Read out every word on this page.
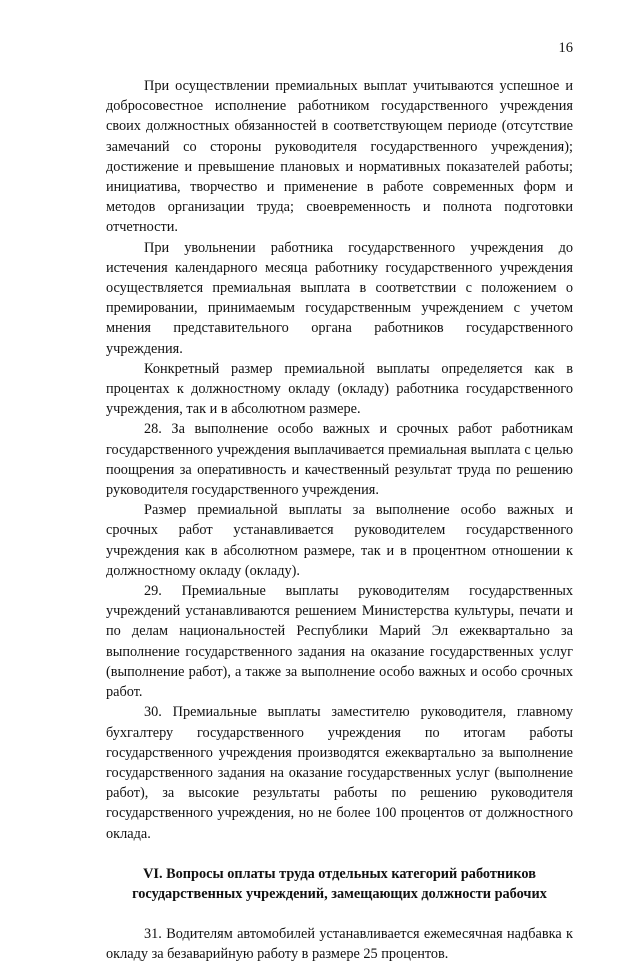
16

При осуществлении премиальных выплат учитываются успешное и добросовестное исполнение работником государственного учреждения своих должностных обязанностей в соответствующем периоде (отсутствие замечаний со стороны руководителя государственного учреждения); достижение и превышение плановых и нормативных показателей работы; инициатива, творчество и применение в работе современных форм и методов организации труда; своевременность и полнота подготовки отчетности.

При увольнении работника государственного учреждения до истечения календарного месяца работнику государственного учреждения осуществляется премиальная выплата в соответствии с положением о премировании, принимаемым государственным учреждением с учетом мнения представительного органа работников государственного учреждения.

Конкретный размер премиальной выплаты определяется как в процентах к должностному окладу (окладу) работника государственного учреждения, так и в абсолютном размере.

28. За выполнение особо важных и срочных работ работникам государственного учреждения выплачивается премиальная выплата с целью поощрения за оперативность и качественный результат труда по решению руководителя государственного учреждения.

Размер премиальной выплаты за выполнение особо важных и срочных работ устанавливается руководителем государственного учреждения как в абсолютном размере, так и в процентном отношении к должностному окладу (окладу).

29. Премиальные выплаты руководителям государственных учреждений устанавливаются решением Министерства культуры, печати и по делам национальностей Республики Марий Эл ежеквартально за выполнение государственного задания на оказание государственных услуг (выполнение работ), а также за выполнение особо важных и особо срочных работ.

30. Премиальные выплаты заместителю руководителя, главному бухгалтеру государственного учреждения по итогам работы государственного учреждения производятся ежеквартально за выполнение государственного задания на оказание государственных услуг (выполнение работ), за высокие результаты работы по решению руководителя государственного учреждения, но не более 100 процентов от должностного оклада.

VI. Вопросы оплаты труда отдельных категорий работников
государственных учреждений, замещающих должности рабочих

31. Водителям автомобилей устанавливается ежемесячная надбавка к окладу за безаварийную работу в размере 25 процентов.
